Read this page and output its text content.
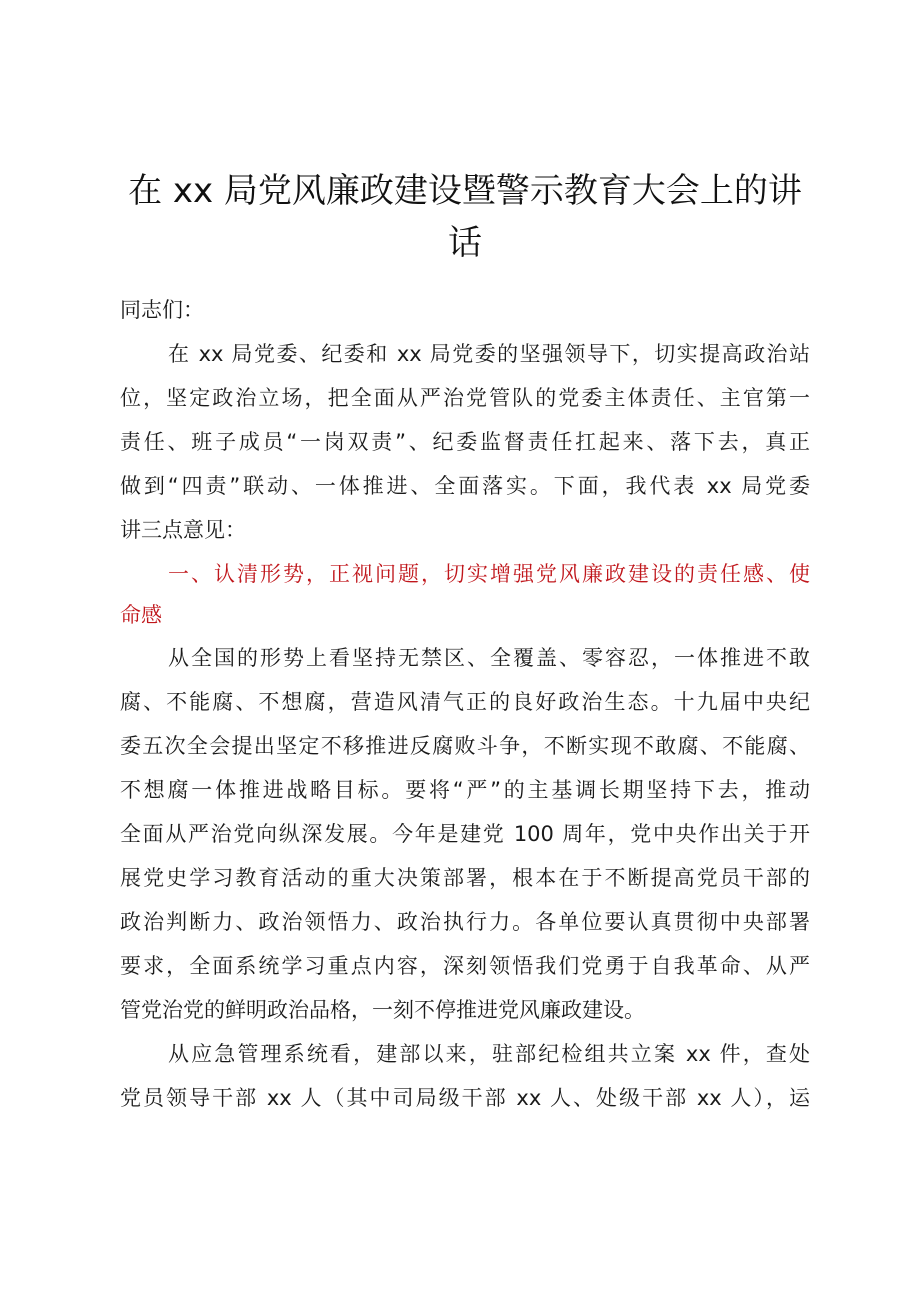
在 xx 局党风廉政建设暨警示教育大会上的讲
话
同志们：
在 xx 局党委、纪委和 xx 局党委的坚强领导下，切实提高政治站
位，坚定政治立场，把全面从严治党管队的党委主体责任、主官第一
责任、班子成员“一岗双责”、纪委监督责任扛起来、落下去，真正
做到“四责”联动、一体推进、全面落实。下面，我代表 xx 局党委
讲三点意见：
一、认清形势，正视问题，切实增强党风廉政建设的责任感、使
命感
从全国的形势上看坚持无禁区、全覆盖、零容忍，一体推进不敢
腐、不能腐、不想腐，营造风清气正的良好政治生态。十九届中央纪
委五次全会提出坚定不移推进反腐败斗争，不断实现不敢腐、不能腐、
不想腐一体推进战略目标。要将“严”的主基调长期坚持下去，推动
全面从严治党向纵深发展。今年是建党 100 周年，党中央作出关于开
展党史学习教育活动的重大决策部署，根本在于不断提高党员干部的
政治判断力、政治领悟力、政治执行力。各单位要认真贯彻中央部署
要求，全面系统学习重点内容，深刻领悟我们党勇于自我革命、从严
管党治党的鲜明政治品格，一刻不停推进党风廉政建设。
从应急管理系统看，建部以来，驻部纪检组共立案 xx 件，查处
党员领导干部 xx 人（其中司局级干部 xx 人、处级干部 xx 人），运
